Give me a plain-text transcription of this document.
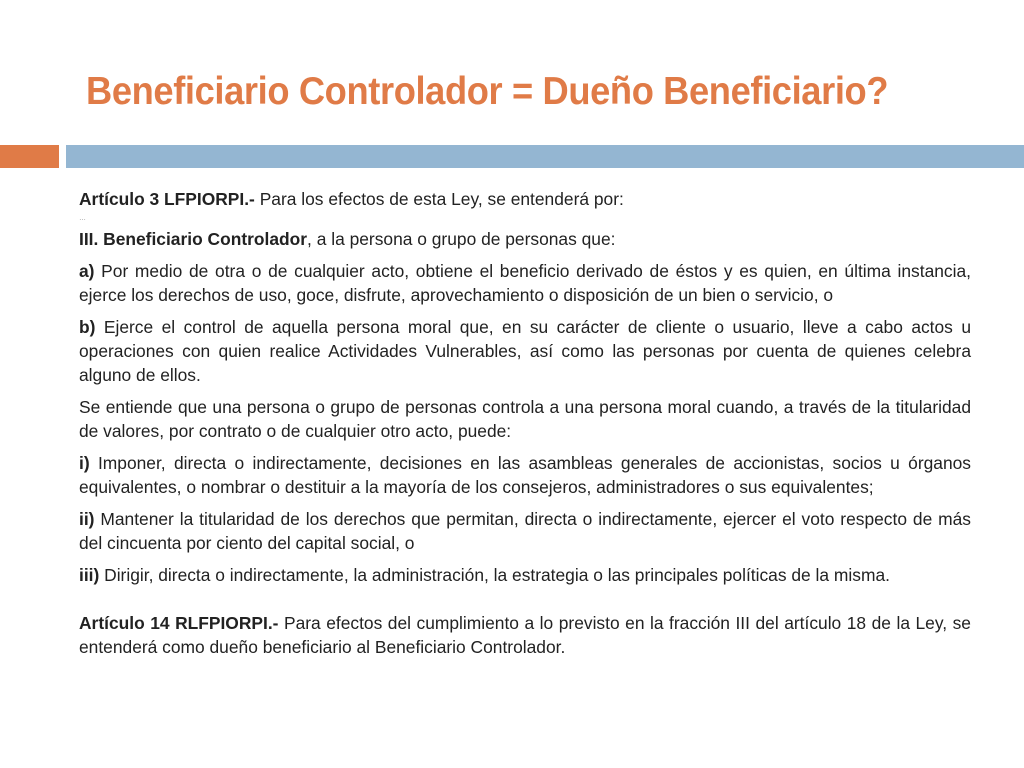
Beneficiario Controlador = Dueño Beneficiario?

Artículo 3 LFPIORPI.- Para los efectos de esta Ley, se entenderá por:

…

III. Beneficiario Controlador, a la persona o grupo de personas que:

a) Por medio de otra o de cualquier acto, obtiene el beneficio derivado de éstos y es quien, en última instancia, ejerce los derechos de uso, goce, disfrute, aprovechamiento o disposición de un bien o servicio, o

b) Ejerce el control de aquella persona moral que, en su carácter de cliente o usuario, lleve a cabo actos u operaciones con quien realice Actividades Vulnerables, así como las personas por cuenta de quienes celebra alguno de ellos.

Se entiende que una persona o grupo de personas controla a una persona moral cuando, a través de la titularidad de valores, por contrato o de cualquier otro acto, puede:

i) Imponer, directa o indirectamente, decisiones en las asambleas generales de accionistas, socios u órganos equivalentes, o nombrar o destituir a la mayoría de los consejeros, administradores o sus equivalentes;

ii) Mantener la titularidad de los derechos que permitan, directa o indirectamente, ejercer el voto respecto de más del cincuenta por ciento del capital social, o

iii) Dirigir, directa o indirectamente, la administración, la estrategia o las principales políticas de la misma.

Artículo 14 RLFPIORPI.- Para efectos del cumplimiento a lo previsto en la fracción III del artículo 18 de la Ley, se entenderá como dueño beneficiario al Beneficiario Controlador.
